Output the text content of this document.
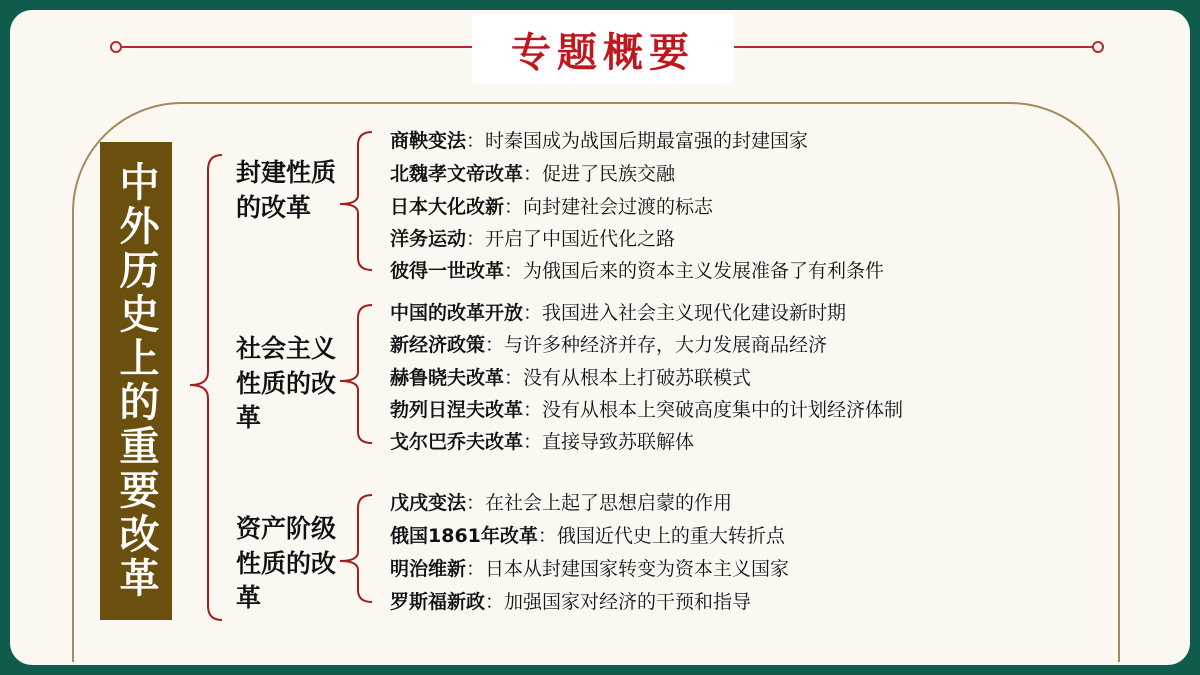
专题概要
中外历史上的重要改革	封建性质的改革
社会主义性质的改革
资产阶级性质的改革
商鞅变法：时秦国成为战国后期最富强的封建国家
北魏孝文帝改革：促进了民族交融
日本大化改新：向封建社会过渡的标志
洋务运动：开启了中国近代化之路
彼得一世改革：为俄国后来的资本主义发展准备了有利条件
中国的改革开放：我国进入社会主义现代化建设新时期
新经济政策：与许多种经济并存，大力发展商品经济
赫鲁晓夫改革：没有从根本上打破苏联模式
勃列日涅夫改革：没有从根本上突破高度集中的计划经济体制
戈尔巴乔夫改革：直接导致苏联解体
戊戌变法：在社会上起了思想启蒙的作用
俄国1861年改革：俄国近代史上的重大转折点
明治维新：日本从封建国家转变为资本主义国家
罗斯福新政：加强国家对经济的干预和指导
